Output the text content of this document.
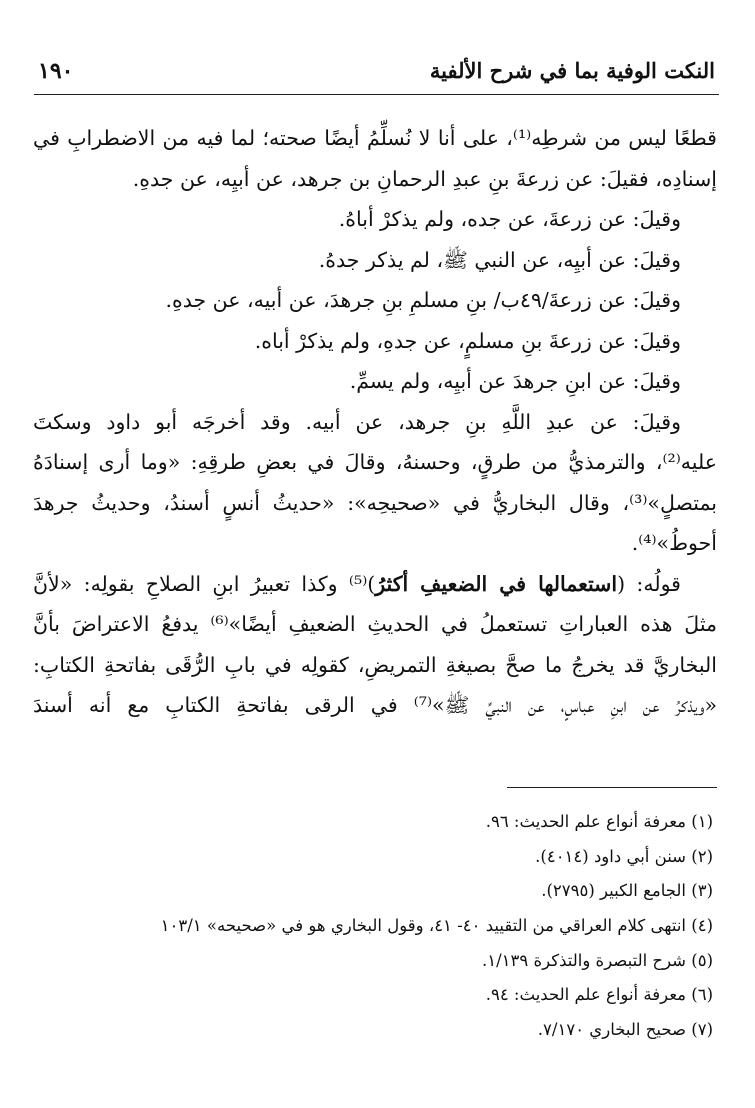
النكت الوفية بما في شرح الألفية
١٩٠
قطعًا ليس من شرطِه⁽¹⁾، على أنا لا نُسلِّمُ أيضًا صحته؛ لما فيه من الاضطرابِ في
إسنادِه، فقيلَ: عن زرعةَ بنِ عبدِ الرحمانِ بن جرهد، عن أبيِه، عن جدهِ.
وقيلَ: عن زرعةَ، عن جده، ولم يذكرْ أباهُ.
وقيلَ: عن أبيِه، عن النبي ﷺ، لم يذكر جدهُ.
وقيلَ: عن زرعةَ/٤٩ب/ بنِ مسلمِ بنِ جرهدَ، عن أبيه، عن جدهِ.
وقيلَ: عن زرعةَ بنِ مسلمٍ، عن جدهِ، ولم يذكرْ أباه.
وقيلَ: عن ابنِ جرهدَ عن أبيِه، ولم يسمِّ.
وقيلَ: عن عبدِ اللَّهِ بنِ جرهد، عن أبيه. وقد أخرجَه أبو داود وسكتَ
عليه⁽²⁾، والترمذيُّ من طرقٍ، وحسنهُ، وقالَ في بعضِ طرقِهِ: «وما أرى إسنادَهُ
بمتصلٍ»⁽³⁾، وقال البخاريُّ في «صحيحِه»: «حديثُ أنسٍ أسندُ، وحديثُ جرهدَ
أحوطُ»⁽⁴⁾.
قولُه: (استعمالها في الضعيفِ أكثرُ)⁽⁵⁾ وكذا تعبيرُ ابنِ الصلاحِ بقولِه: «لأنَّ
مثلَ هذه العباراتِ تستعملُ في الحديثِ الضعيفِ أيضًا»⁽⁶⁾ يدفعُ الاعتراضَ بأنَّ
البخاريَّ قد يخرجُ ما صحَّ بصيغةِ التمريضِ، كقولِه في بابِ الرُّقَى بفاتحةِ الكتابِ:
«ويذكرُ عن ابنِ عباسٍ، عن النبيِّ ﷺ»⁽⁷⁾ في الرقى بفاتحةِ الكتابِ مع أنه أسندَ
(١) معرفة أنواع علم الحديث: ٩٦.
(٢) سنن أبي داود (٤٠١٤).
(٣) الجامع الكبير (٢٧٩٥).
(٤) انتهى كلام العراقي من التقييد ٤٠- ٤١، وقول البخاري هو في «صحيحه» ١٠٣/١
(٥) شرح التبصرة والتذكرة ١/١٣٩.
(٦) معرفة أنواع علم الحديث: ٩٤.
(٧) صحيح البخاري ٧/١٧٠.
